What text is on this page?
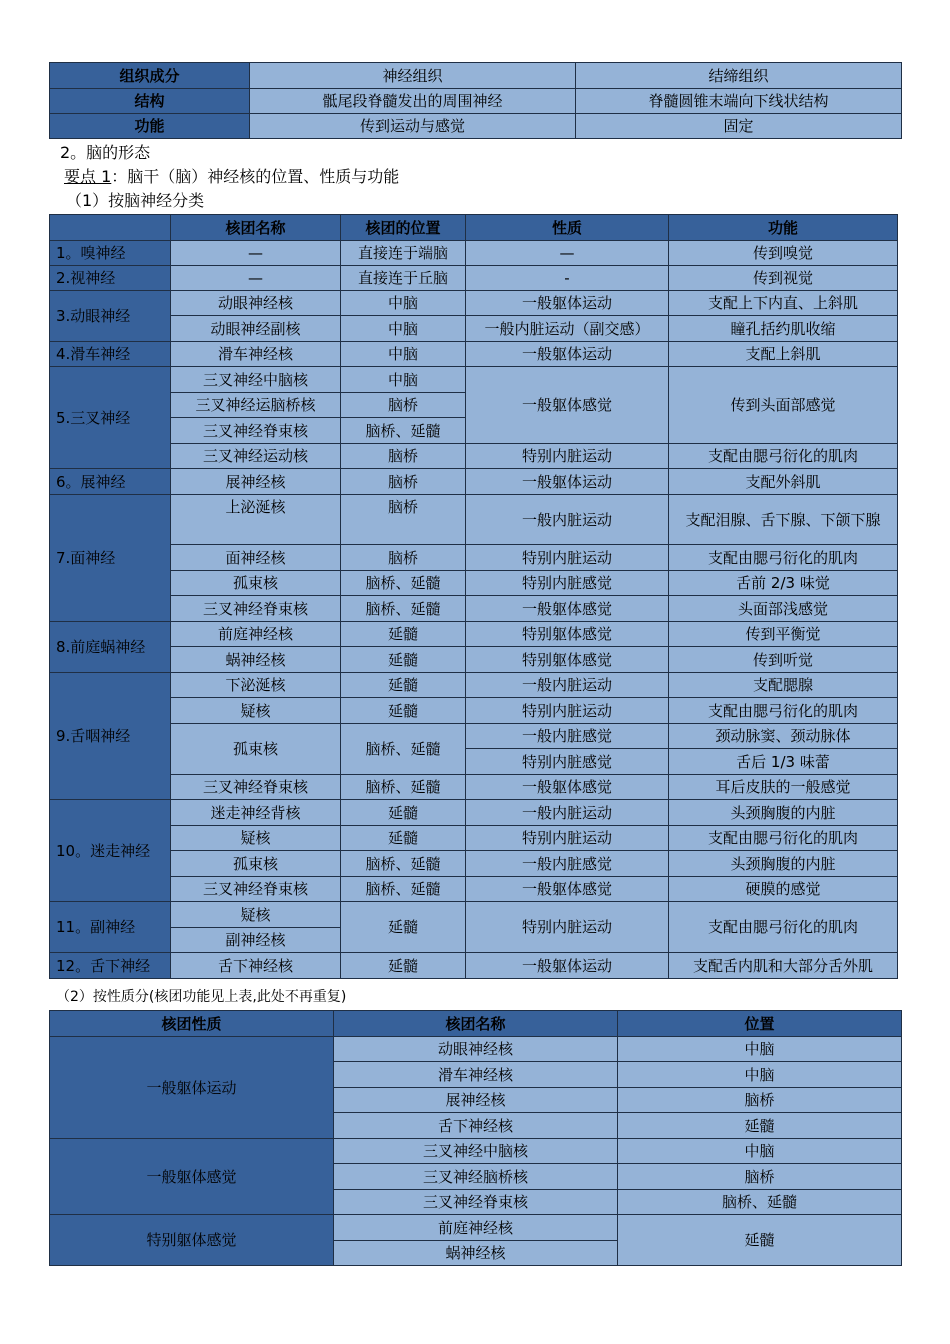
组织成分	神经组织	结缔组织
结构	骶尾段脊髓发出的周围神经	脊髓圆锥末端向下线状结构
功能	传到运动与感觉	固定
2。脑的形态
要点 1：脑干（脑）神经核的位置、性质与功能
（1）按脑神经分类
	核团名称	核团的位置	性质	功能
1。嗅神经	—	直接连于端脑	—	传到嗅觉
2.视神经	—	直接连于丘脑	-	传到视觉
3.动眼神经	动眼神经核	中脑	一般躯体运动	支配上下内直、上斜肌
	动眼神经副核	中脑	一般内脏运动（副交感）	瞳孔括约肌收缩
4.滑车神经	滑车神经核	中脑	一般躯体运动	支配上斜肌
5.三叉神经	三叉神经中脑核	中脑	一般躯体感觉	传到头面部感觉
	三叉神经运脑桥核	脑桥		
	三叉神经脊束核	脑桥、延髓		
	三叉神经运动核	脑桥	特别内脏运动	支配由腮弓衍化的肌肉
6。展神经	展神经核	脑桥	一般躯体运动	支配外斜肌
7.面神经	上泌涎核	脑桥	一般内脏运动	支配泪腺、舌下腺、下颌下腺
	面神经核	脑桥	特别内脏运动	支配由腮弓衍化的肌肉
	孤束核	脑桥、延髓	特别内脏感觉	舌前 2/3 味觉
	三叉神经脊束核	脑桥、延髓	一般躯体感觉	头面部浅感觉
8.前庭蜗神经	前庭神经核	延髓	特别躯体感觉	传到平衡觉
	蜗神经核	延髓	特别躯体感觉	传到听觉
9.舌咽神经	下泌涎核	延髓	一般内脏运动	支配腮腺
	疑核	延髓	特别内脏运动	支配由腮弓衍化的肌肉
	孤束核	脑桥、延髓	一般内脏感觉	颈动脉窦、颈动脉体
			特别内脏感觉	舌后 1/3 味蕾
	三叉神经脊束核	脑桥、延髓	一般躯体感觉	耳后皮肤的一般感觉
10。迷走神经	迷走神经背核	延髓	一般内脏运动	头颈胸腹的内脏
	疑核	延髓	特别内脏运动	支配由腮弓衍化的肌肉
	孤束核	脑桥、延髓	一般内脏感觉	头颈胸腹的内脏
	三叉神经脊束核	脑桥、延髓	一般躯体感觉	硬膜的感觉
11。副神经	疑核	延髓	特别内脏运动	支配由腮弓衍化的肌肉
	副神经核			
12。舌下神经	舌下神经核	延髓	一般躯体运动	支配舌内肌和大部分舌外肌
（2）按性质分(核团功能见上表,此处不再重复)
核团性质	核团名称	位置
一般躯体运动	动眼神经核	中脑
	滑车神经核	中脑
	展神经核	脑桥
	舌下神经核	延髓
一般躯体感觉	三叉神经中脑核	中脑
	三叉神经脑桥核	脑桥
	三叉神经脊束核	脑桥、延髓
特别躯体感觉	前庭神经核	延髓
	蜗神经核	
